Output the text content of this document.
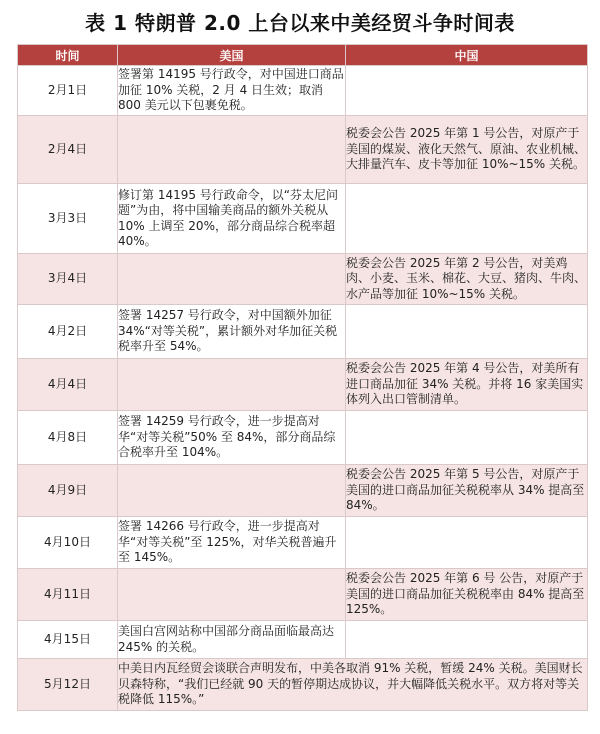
表 1 特朗普 2.0 上台以来中美经贸斗争时间表
时间	美国	中国
2月1日	签署第 14195 号行政令，对中国进口商品加征 10% 关税，2 月 4 日生效；取消 800 美元以下包裹免税。	
2月4日		税委会公告 2025 年第 1 号公告，对原产于美国的煤炭、液化天然气、原油、农业机械、大排量汽车、皮卡等加征 10%~15% 关税。
3月3日	修订第 14195 号行政命令，以“芬太尼问题”为由，将中国输美商品的额外关税从 10% 上调至 20%，部分商品综合税率超 40%。	
3月4日		税委会公告 2025 年第 2 号公告，对美鸡肉、小麦、玉米、棉花、大豆、猪肉、牛肉、水产品等加征 10%~15% 关税。
4月2日	签署 14257 号行政令，对中国额外加征 34%“对等关税”，累计额外对华加征关税税率升至 54%。	
4月4日		税委会公告 2025 年第 4 号公告，对美所有进口商品加征 34% 关税。并将 16 家美国实体列入出口管制清单。
4月8日	签署 14259 号行政令，进一步提高对华“对等关税”50% 至 84%，部分商品综合税率升至 104%。	
4月9日		税委会公告 2025 年第 5 号公告，对原产于美国的进口商品加征关税税率从 34% 提高至 84%。
4月10日	签署 14266 号行政令，进一步提高对华“对等关税”至 125%，对华关税普遍升至 145%。	
4月11日		税委会公告 2025 年第 6 号 公告，对原产于美国的进口商品加征关税税率由 84% 提高至 125%。
4月15日	美国白宫网站称中国部分商品面临最高达 245% 的关税。	
5月12日	中美日内瓦经贸会谈联合声明发布，中美各取消 91% 关税，暂缓 24% 关税。美国财长贝森特称，“我们已经就 90 天的暂停期达成协议，并大幅降低关税水平。双方将对等关税降低 115%。”	
